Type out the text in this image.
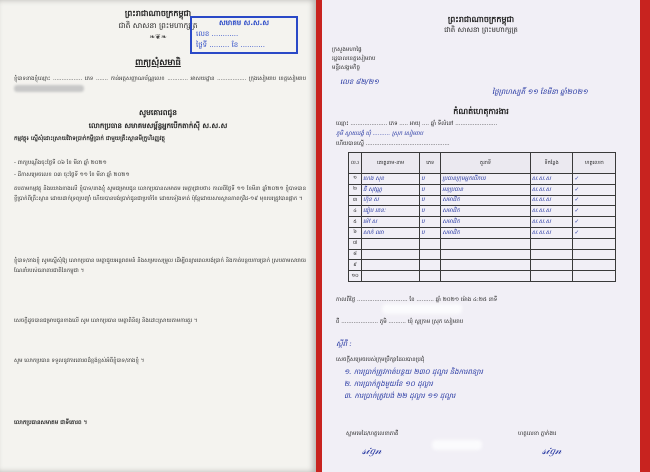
ព្រះរាជាណាចក្រកម្ពុជា
ជាតិ សាសនា ព្រះមហាក្សត្រ
❧❦❧
សមាគម ស.ស.ស
លេខ ............
ថ្ងៃទី ......... ខែ ...........
ពាក្យសុំសមាធិ
ខ្ញុំបាទនាងខ្ញុំឈ្មោះ ................. ភេទ ....... កាន់អត្តសញ្ញាណប័ណ្ណលេខ ............ អាសយដ្ឋាន ................. ក្រុងសៀមរាប ខេត្តសៀមរាប
សូមគោរពជូន
លោកប្រធាន សមាគមសម្ព័ន្ធអ្នកបើកតាក់ស៊ី ស.ស.ស
កម្មវត្ថុ៖ ស្នើសុំដោះស្រាយវិវាទប្រាក់កម្ចីប្រាក់ ជាមួយគ្រឹះស្ថានមីក្រូហិរញ្ញវត្ថុ
- ពាក្យបណ្តឹងចុះថ្ងៃទី ០៦ ខែ មីនា ឆ្នាំ ២០២១
- ដីកាសម្រេចលេខ ០៣ ចុះថ្ងៃទី ១១ ខែ មីនា ឆ្នាំ ២០២១
តបតាមកម្មវត្ថុ និងយោងខាងលើ ខ្ញុំបាទ/នាងខ្ញុំ សូមជម្រាបជូន លោកប្រធានសមាគម មេត្តាជ្រាបថា៖ កាលពីថ្ងៃទី ១១ ខែមីនា ឆ្នាំ២០២១ ខ្ញុំបាទបានខ្ចីប្រាក់ពីគ្រឹះស្ថាន ដោយដាក់ទ្រព្យបញ្ចាំ ហើយបានបង់ប្រាក់ជូនជាប្រចាំខែ ដោយទៀងទាត់ ប៉ុន្តែដោយសារស្ថានភាពកូវីដ-១៩ មុខរបរត្រូវបានផ្អាក ។
ខ្ញុំបាទ/នាងខ្ញុំ សូមស្នើសុំឱ្យ លោកប្រធាន មេត្តាជួយអន្តរាគមន៍ និងសម្របសម្រួល ដើម្បីពន្យារពេលបង់ប្រាក់ និងកាត់បន្ថយការប្រាក់ ស្របតាមសារាចរណែនាំរបស់ធនាគារជាតិនៃកម្ពុជា ។
សេចក្តីដូចបានជម្រាបជូនខាងលើ សូម លោកប្រធាន មេត្តាពិនិត្យ និងដោះស្រាយតាមការគួរ ។
សូម លោកប្រធាន ទទួលនូវការគោរពដ៏ខ្ពង់ខ្ពស់អំពីខ្ញុំបាទ/នាងខ្ញុំ ។
លោកប្រធានសមាគម ជាទីគោរព ។
ព្រះរាជាណាចក្រកម្ពុជា
ជាតិ សាសនា ព្រះមហាក្សត្រ
ក្រសួងមហាផ្ទៃ
រដ្ឋបាលខេត្តសៀមរាប
មន្ទីរសង្គមកិច្ច
លេខ ៨២/២១
ថ្ងៃព្រហស្បតិ៍ ១១ ខែមីនា ឆ្នាំ២០២១
កំណត់ហេតុការងារ
ឈ្មោះ ..................... ភេទ ..... អាយុ .... ឆ្នាំ ទីលំនៅ ........................
ភូមិ ស្វាយដង្គំ ឃុំ .......... ស្រុក សៀមរាប
ហើយបានស្នើ ................................................
ល.រ	គោត្តនាម-នាម	ភេទ	តួនាទី	ទីកន្លែង	ហត្ថលេខា
១	ហេង សុខ	ប	ប្រធានក្រុមអ្នកបើកបរ	ស.ស.ស	✓
២	ធី សុវណ្ណ	ប	អនុប្រធាន	ស.ស.ស	✓
៣	ហ៊ុន ស	ប	សមាជិក	ស.ស.ស	✓
៤	ឌៀប រតនៈ	ប	សមាជិក	ស.ស.ស	✓
៥	ម៉ៅ ស	ប	សមាជិក	ស.ស.ស	✓
៦	សាក់ ឈា	ប	សមាជិក	ស.ស.ស	✓
៧					
៨					
៩					
១០					
កាលពីថ្ងៃ ............................. ខែ .......... ឆ្នាំ ២០២១ ម៉ោង ៤:២៥ នាទី
ពី ..................... ភូមិ .......... ឃុំ ស្លក្រាម ស្រុក សៀមរាប
ស្តីពី :
សេចក្តីសម្រេចរបស់ក្រុមប្រឹក្សាដែលបានប្រជុំ
១. ការប្រាក់ត្រូវកាត់បន្ថយ ២៣០ ដុល្លារ និងការពន្យារ
២. ការប្រាក់ក្នុងមួយខែ ១០ ដុល្លារ
៣. ការប្រាក់ត្រូវបង់ ២២ ដុល្លារ ១១ ដុល្លារ
ស្នាមមេដៃ/ហត្ថលេខាភាគី	ហត្ថលេខា ភ្នាក់ងារ
𝓈𝒾𝑔𝓃	𝓈𝒾𝑔𝓃
